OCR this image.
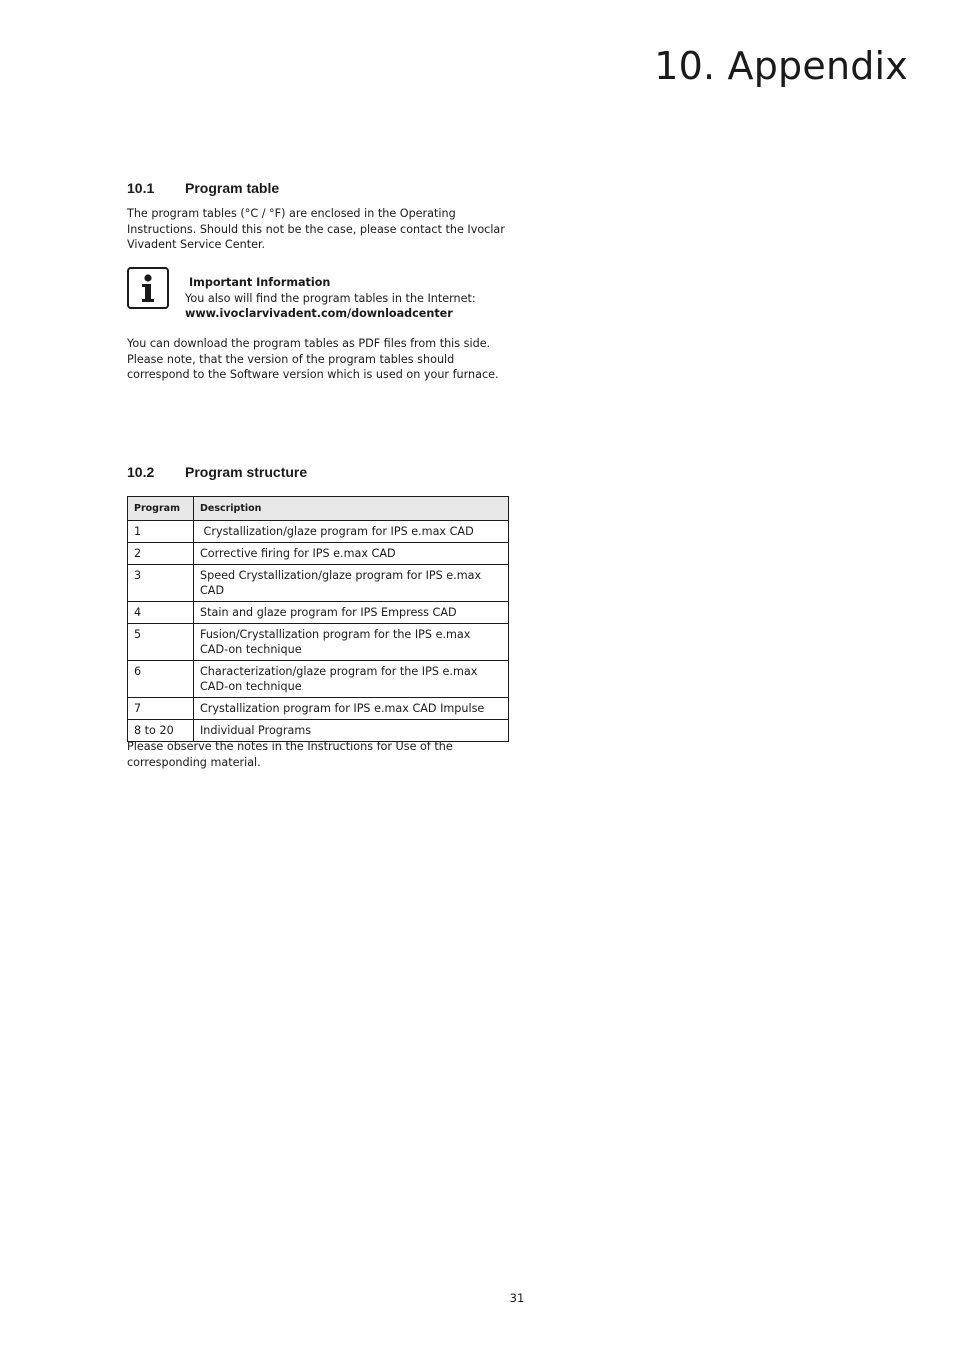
10. Appendix
10.1 Program table

The program tables (°C / °F) are enclosed in the Operating Instructions. Should this not be the case, please contact the Ivoclar Vivadent Service Center.

Important Information
You also will find the program tables in the Internet:
www.ivoclarvivadent.com/downloadcenter

You can download the program tables as PDF files from this side. Please note, that the version of the program tables should correspond to the Software version which is used on your furnace.

10.2 Program structure
Program	Description
1	Crystallization/glaze program for IPS e.max CAD
2	Corrective firing for IPS e.max CAD
3	Speed Crystallization/glaze program for IPS e.max CAD
4	Stain and glaze program for IPS Empress CAD
5	Fusion/Crystallization program for the IPS e.max CAD-on technique
6	Characterization/glaze program for the IPS e.max CAD-on technique
7	Crystallization program for IPS e.max CAD Impulse
8 to 20	Individual Programs

Please observe the notes in the Instructions for Use of the corresponding material.

31
